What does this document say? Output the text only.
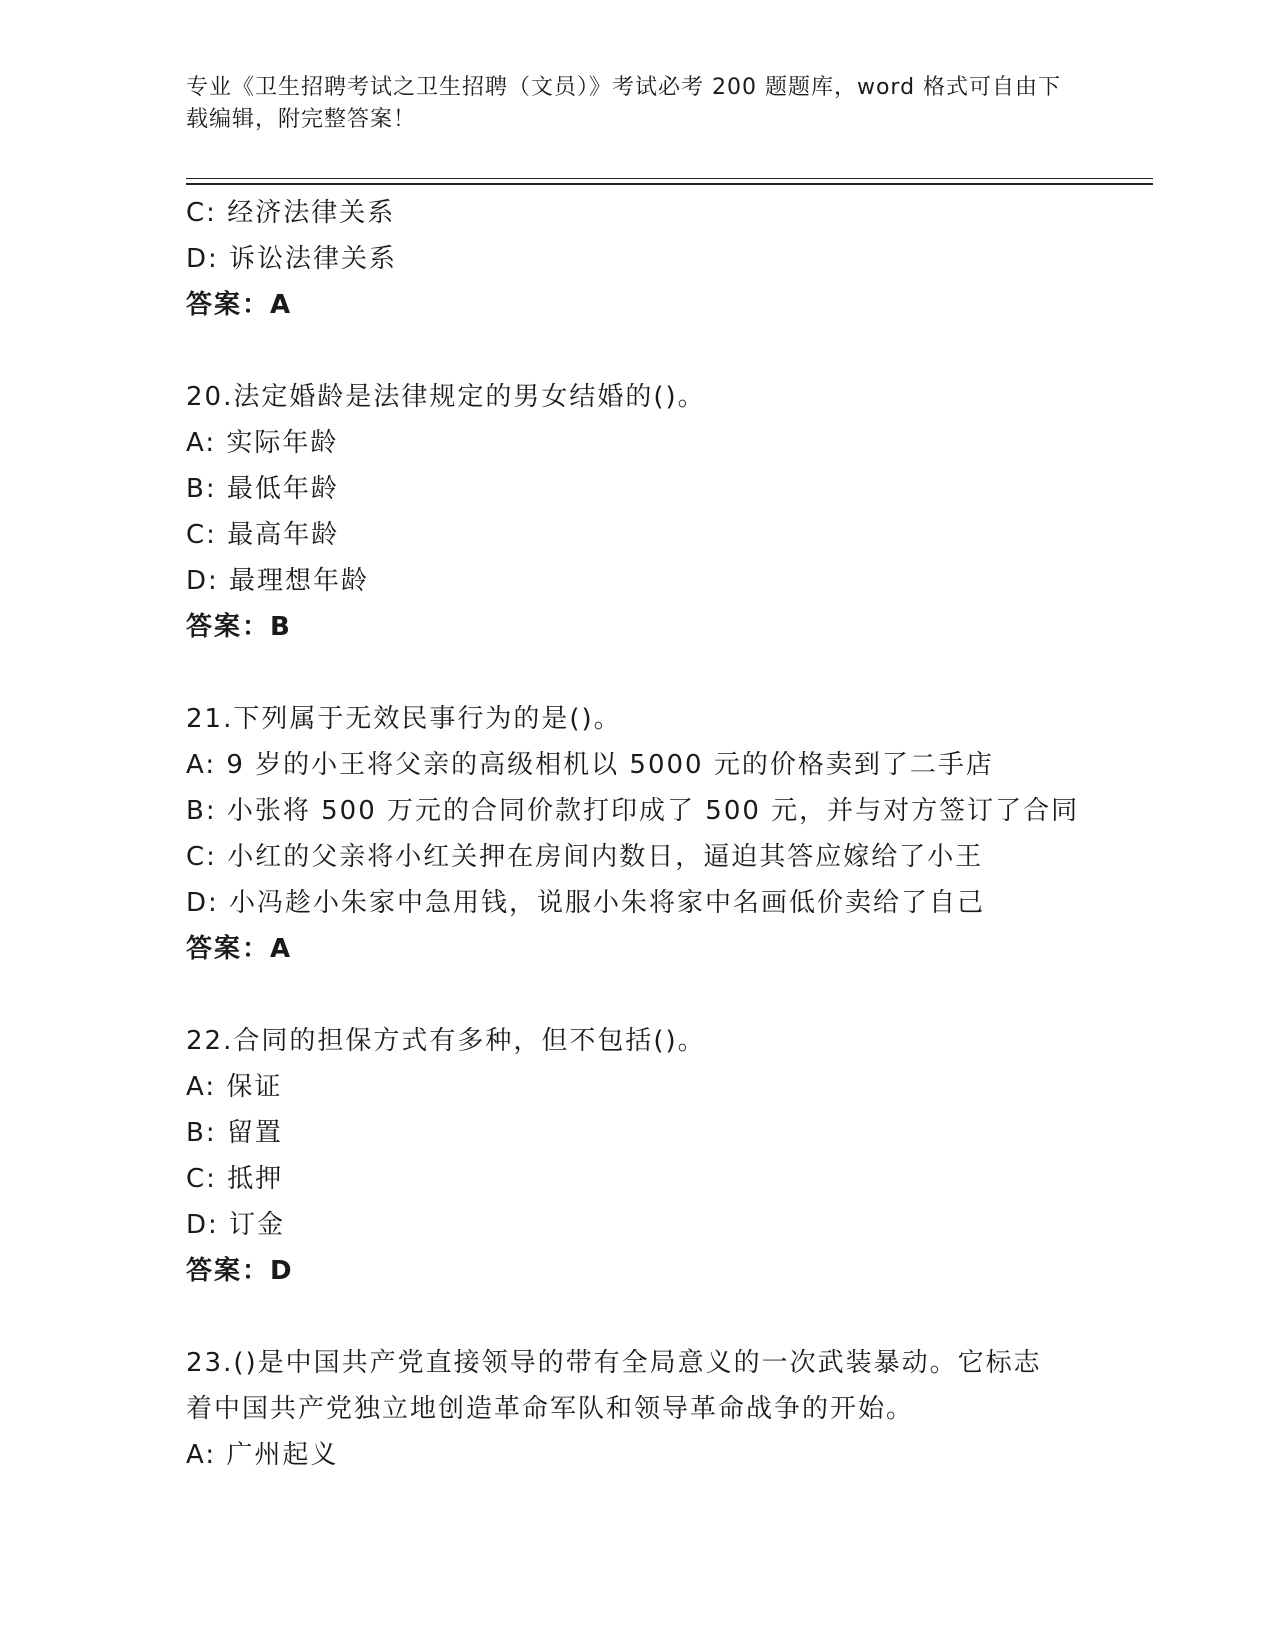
专业《卫生招聘考试之卫生招聘（文员）》考试必考 200 题题库，word 格式可自由下载编辑，附完整答案！
C: 经济法律关系
D: 诉讼法律关系
答案：A
20.法定婚龄是法律规定的男女结婚的()。
A: 实际年龄
B: 最低年龄
C: 最高年龄
D: 最理想年龄
答案：B
21.下列属于无效民事行为的是()。
A: 9 岁的小王将父亲的高级相机以 5000 元的价格卖到了二手店
B: 小张将 500 万元的合同价款打印成了 500 元，并与对方签订了合同
C: 小红的父亲将小红关押在房间内数日，逼迫其答应嫁给了小王
D: 小冯趁小朱家中急用钱，说服小朱将家中名画低价卖给了自己
答案：A
22.合同的担保方式有多种，但不包括()。
A: 保证
B: 留置
C: 抵押
D: 订金
答案：D
23.()是中国共产党直接领导的带有全局意义的一次武装暴动。它标志着中国共产党独立地创造革命军队和领导革命战争的开始。
A: 广州起义
